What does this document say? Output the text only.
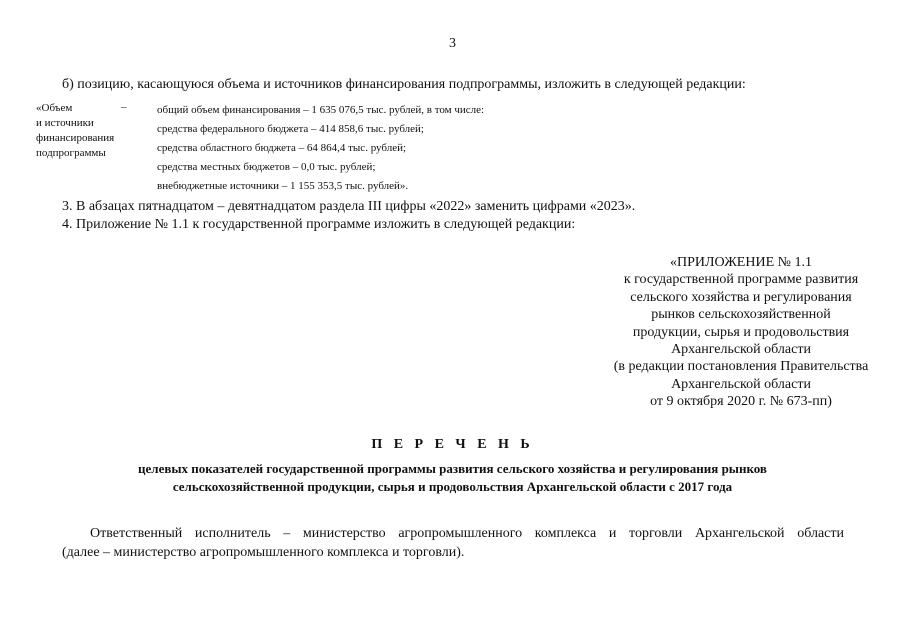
3
б) позицию, касающуюся объема и источников финансирования подпрограммы, изложить в следующей редакции:
«Объем
и источники
финансирования
подпрограммы
–	общий объем финансирования – 1 635 076,5 тыс. рублей, в том числе:
средства федерального бюджета – 414 858,6 тыс. рублей;
средства областного бюджета – 64 864,4 тыс. рублей;
средства местных бюджетов – 0,0 тыс. рублей;
внебюджетные источники – 1 155 353,5 тыс. рублей».
3. В абзацах пятнадцатом – девятнадцатом раздела III цифры «2022» заменить цифрами «2023».
4. Приложение № 1.1 к государственной программе изложить в следующей редакции:
«ПРИЛОЖЕНИЕ № 1.1
к государственной программе развития
сельского хозяйства и регулирования
рынков сельскохозяйственной
продукции, сырья и продовольствия
Архангельской области
(в редакции постановления Правительства
Архангельской области
от 9 октября 2020 г. № 673-пп)
П Е Р Е Ч Е Н Ь
целевых показателей государственной программы развития сельского хозяйства и регулирования рынков
сельскохозяйственной продукции, сырья и продовольствия Архангельской области с 2017 года
Ответственный исполнитель – министерство агропромышленного комплекса и торговли Архангельской области
(далее – министерство агропромышленного комплекса и торговли).
